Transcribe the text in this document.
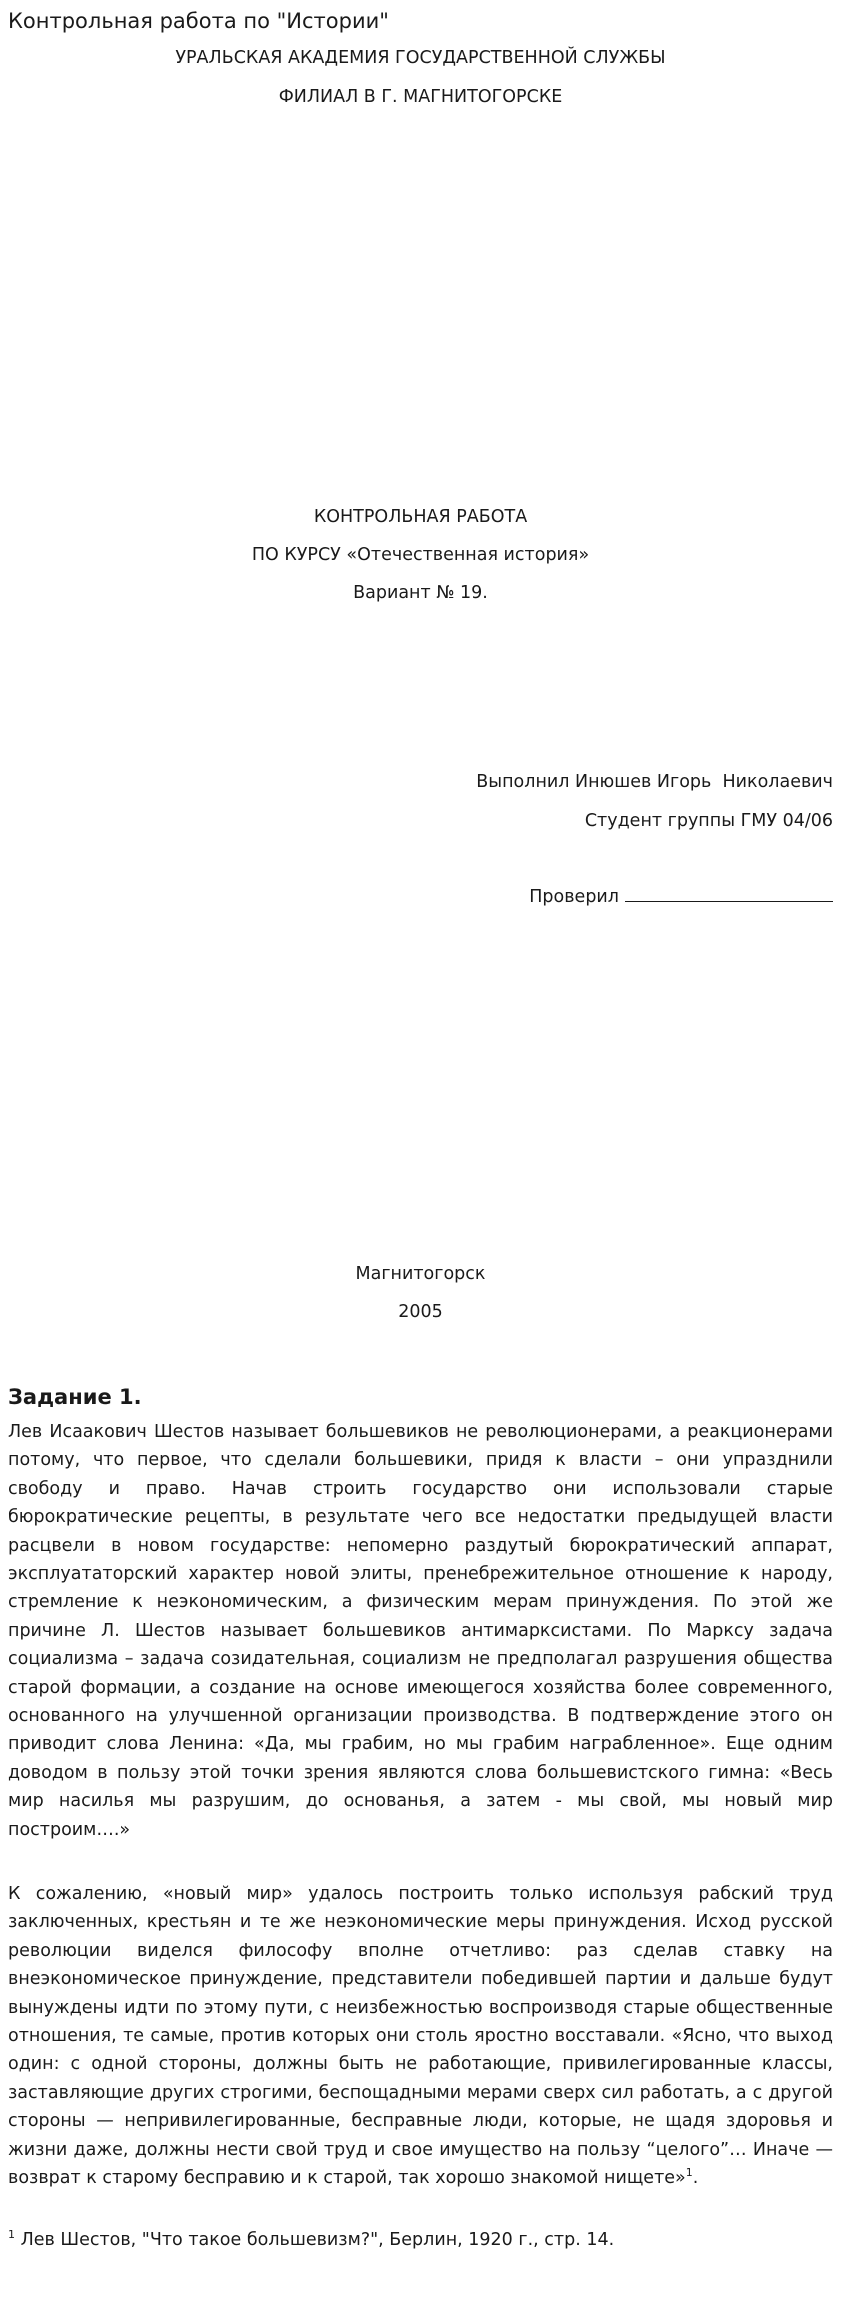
Контрольная работа по "Истории"

УРАЛЬСКАЯ АКАДЕМИЯ ГОСУДАРСТВЕННОЙ СЛУЖБЫ

ФИЛИАЛ В Г. МАГНИТОГОРСКЕ

КОНТРОЛЬНАЯ РАБОТА

ПО КУРСУ «Отечественная история»

Вариант № 19.

Выполнил Инюшев Игорь  Николаевич

Студент группы ГМУ 04/06

Проверил

Магнитогорск

2005

Задание 1.

Лев Исаакович Шестов называет большевиков не революционерами, а реакционерами потому, что первое, что сделали большевики, придя к власти – они упразднили свободу и право. Начав строить государство они использовали старые бюрократические рецепты, в результате чего все недостатки предыдущей власти расцвели в новом государстве: непомерно раздутый бюрократический аппарат, эксплуататорский характер новой элиты, пренебрежительное отношение к народу, стремление к неэкономическим, а физическим мерам принуждения. По этой же причине Л. Шестов называет большевиков антимарксистами. По Марксу задача социализма – задача созидательная, социализм не предполагал разрушения общества старой формации, а создание на основе имеющегося хозяйства более современного, основанного на улучшенной организации производства. В подтверждение этого он приводит слова Ленина: «Да, мы грабим, но мы грабим награбленное». Еще одним доводом в пользу этой точки зрения являются слова большевистского гимна: «Весь мир насилья мы разрушим, до основанья, а затем - мы свой, мы новый мир построим….»

К сожалению, «новый мир» удалось построить только используя рабский труд заключенных, крестьян и те же неэкономические меры принуждения. Исход русской революции виделся философу вполне отчетливо: раз сделав ставку на внеэкономическое принуждение, представители победившей партии и дальше будут вынуждены идти по этому пути, с неизбежностью воспроизводя старые общественные отношения, те самые, против которых они столь яростно восставали. «Ясно, что выход один: с одной стороны, должны быть не работающие, привилегированные классы, заставляющие других строгими, беспощадными мерами сверх сил работать, а с другой стороны — непривилегированные, бесправные люди, которые, не щадя здоровья и жизни даже, должны нести свой труд и свое имущество на пользу “целого”… Иначе — возврат к старому бесправию и к старой, так хорошо знакомой нищете»$^1$.

$^1$ Лев Шестов, "Что такое большевизм?", Берлин, 1920 г., стр. 14.
